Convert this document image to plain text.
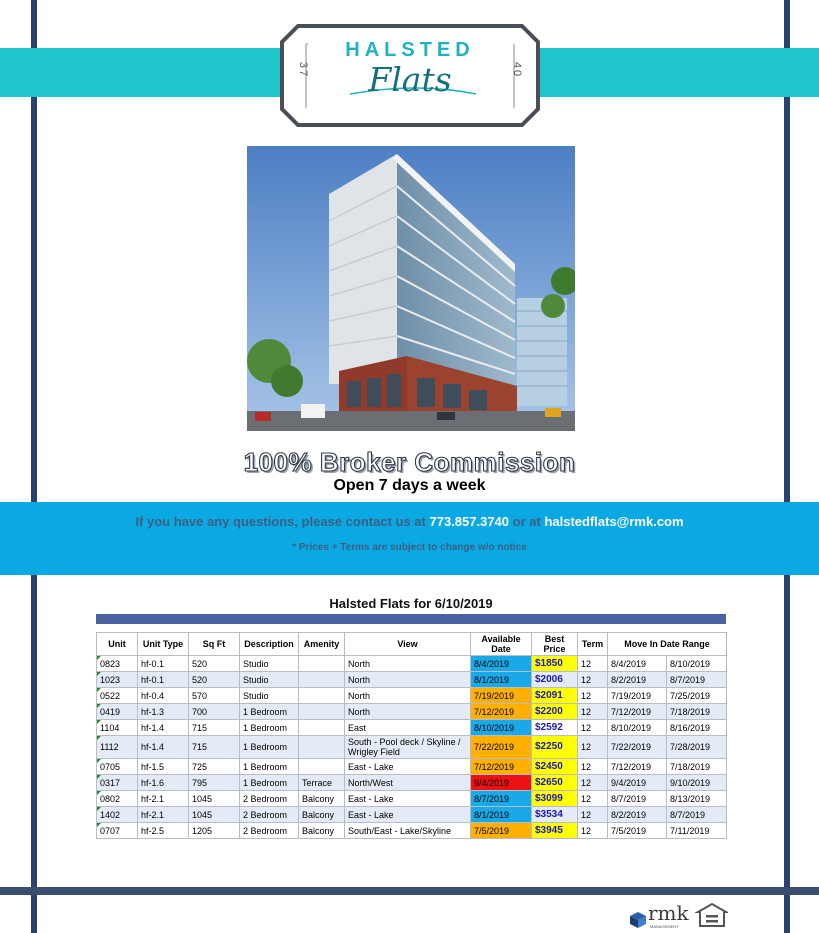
HALSTED
Flats
37	40
100% Broker Commission
Open 7 days a week
If you have any questions, please contact us at 773.857.3740 or at halstedflats@rmk.com
* Prices + Terms are subject to change w/o notice
Halsted Flats for 6/10/2019
Unit	Unit Type	Sq Ft	Description	Amenity	View	Available Date	Best Price	Term	Move In Date Range	

0823	hf-0.1	520	Studio		North	8/4/2019	$1850	12	8/4/2019	8/10/2019

1023	hf-0.1	520	Studio		North	8/1/2019	$2006	12	8/2/2019	8/7/2019

0522	hf-0.4	570	Studio		North	7/19/2019	$2091	12	7/19/2019	7/25/2019

0419	hf-1.3	700	1 Bedroom		North	7/12/2019	$2200	12	7/12/2019	7/18/2019

1104	hf-1.4	715	1 Bedroom		East	8/10/2019	$2592	12	8/10/2019	8/16/2019

1112	hf-1.4	715	1 Bedroom		South - Pool deck / Skyline / Wrigley Field	7/22/2019	$2250	12	7/22/2019	7/28/2019

0705	hf-1.5	725	1 Bedroom		East - Lake	7/12/2019	$2450	12	7/12/2019	7/18/2019

0317	hf-1.6	795	1 Bedroom	Terrace	North/West	9/4/2019	$2650	12	9/4/2019	9/10/2019

0802	hf-2.1	1045	2 Bedroom	Balcony	East - Lake	8/7/2019	$3099	12	8/7/2019	8/13/2019

1402	hf-2.1	1045	2 Bedroom	Balcony	East - Lake	8/1/2019	$3534	12	8/2/2019	8/7/2019

0707	hf-2.5	1205	2 Bedroom	Balcony	South/East - Lake/Skyline	7/5/2019	$3945	12	7/5/2019	7/11/2019
rmk
MANAGEMENT
